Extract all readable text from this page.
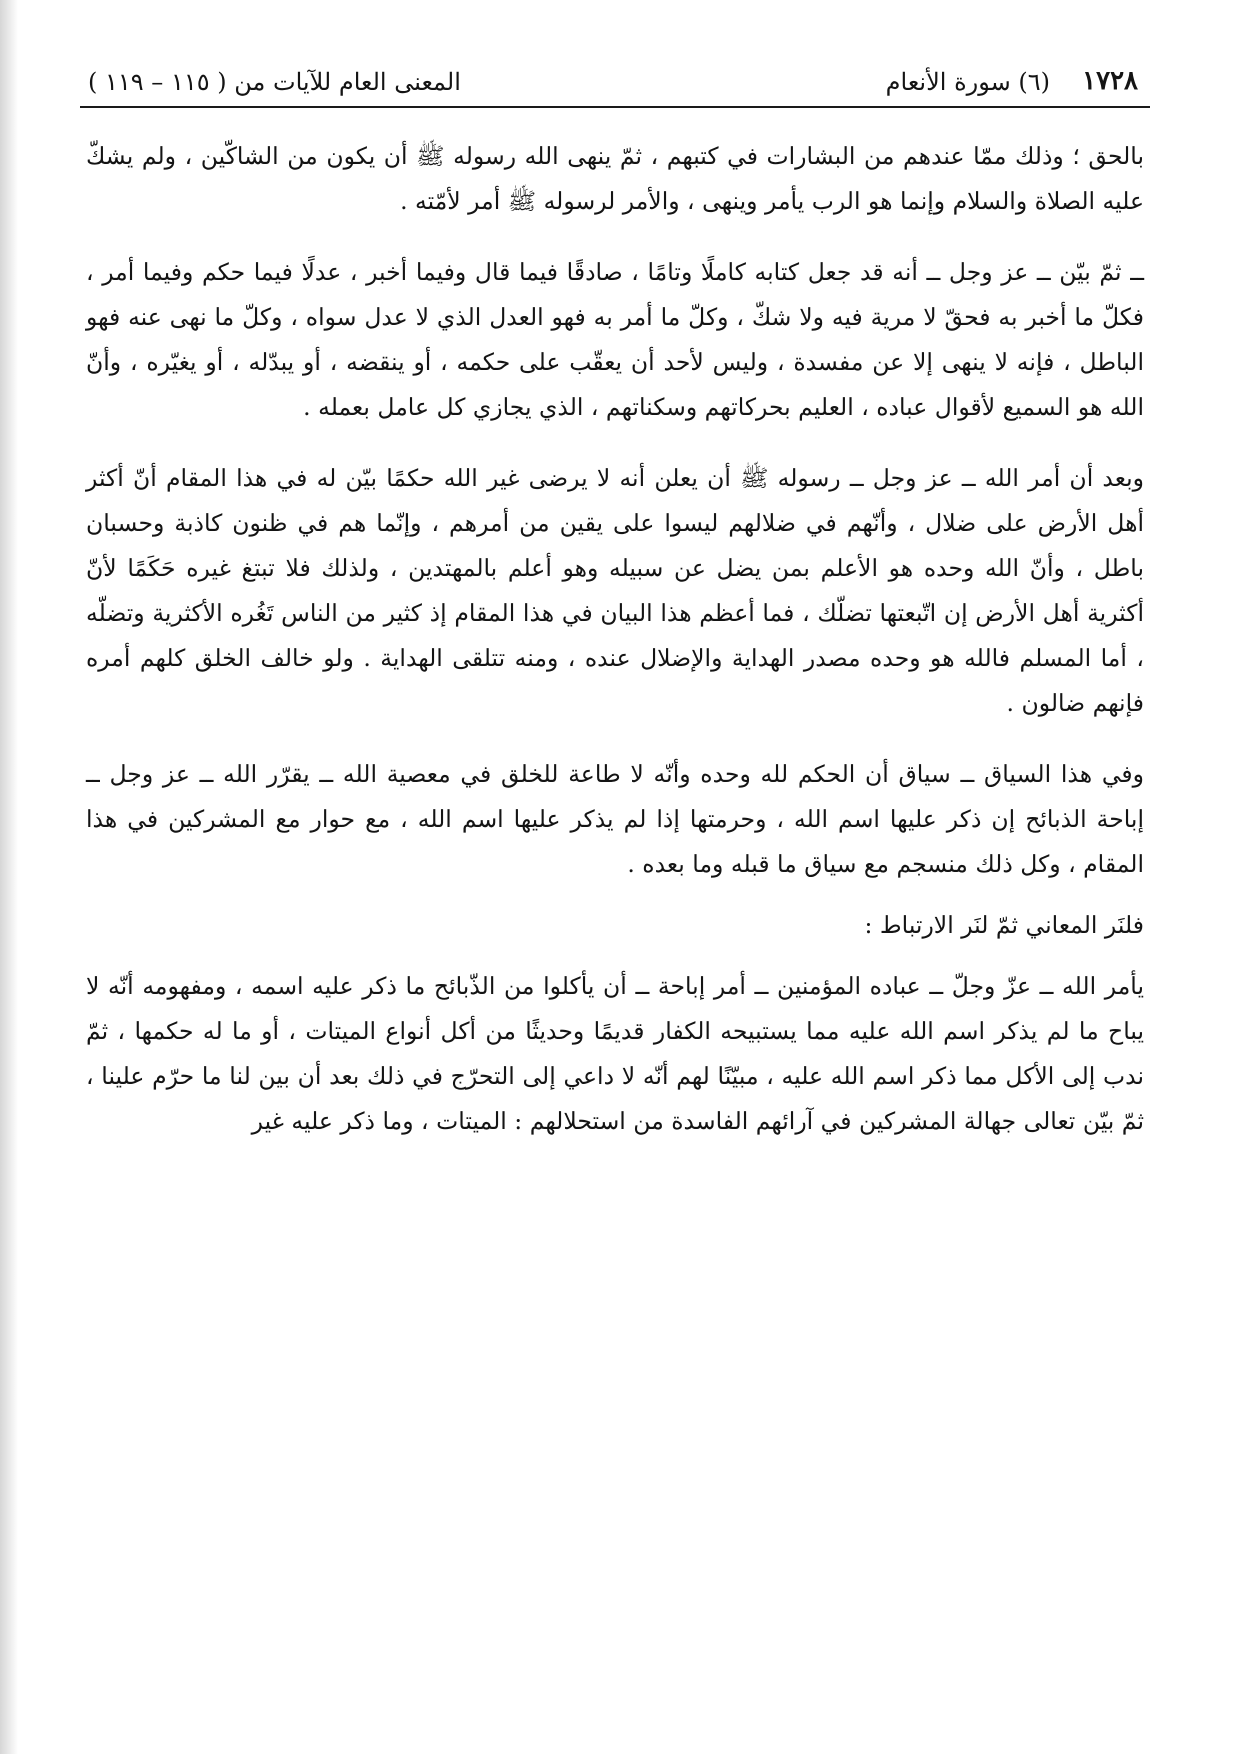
١٧٢٨
(٦) سورة الأنعام
المعنى العام للآيات من ( ١١٥ – ١١٩ )

بالحق ؛ وذلك ممّا عندهم من البشارات في كتبهم ، ثمّ ينهى الله رسوله ﷺ أن يكون من الشاكّين ، ولم يشكّ عليه الصلاة والسلام وإنما هو الرب يأمر وينهى ، والأمر لرسوله ﷺ أمر لأمّته .

ــ ثمّ بيّن ــ عز وجل ــ أنه قد جعل كتابه كاملًا وتامًا ، صادقًا فيما قال وفيما أخبر ، عدلًا فيما حكم وفيما أمر ، فكلّ ما أخبر به فحقّ لا مرية فيه ولا شكّ ، وكلّ ما أمر به فهو العدل الذي لا عدل سواه ، وكلّ ما نهى عنه فهو الباطل ، فإنه لا ينهى إلا عن مفسدة ، وليس لأحد أن يعقّب على حكمه ، أو ينقضه ، أو يبدّله ، أو يغيّره ، وأنّ الله هو السميع لأقوال عباده ، العليم بحركاتهم وسكناتهم ، الذي يجازي كل عامل بعمله .

وبعد أن أمر الله ــ عز وجل ــ رسوله ﷺ أن يعلن أنه لا يرضى غير الله حكمًا بيّن له في هذا المقام أنّ أكثر أهل الأرض على ضلال ، وأنّهم في ضلالهم ليسوا على يقين من أمرهم ، وإنّما هم في ظنون كاذبة وحسبان باطل ، وأنّ الله وحده هو الأعلم بمن يضل عن سبيله وهو أعلم بالمهتدين ، ولذلك فلا تبتغ غيره حَكَمًا لأنّ أكثرية أهل الأرض إن اتّبعتها تضلّك ، فما أعظم هذا البيان في هذا المقام إذ كثير من الناس تَغُره الأكثرية وتضلّه ، أما المسلم فالله هو وحده مصدر الهداية والإضلال عنده ، ومنه تتلقى الهداية . ولو خالف الخلق كلهم أمره فإنهم ضالون .

وفي هذا السياق ــ سياق أن الحكم لله وحده وأنّه لا طاعة للخلق في معصية الله ــ يقرّر الله ــ عز وجل ــ إباحة الذبائح إن ذكر عليها اسم الله ، وحرمتها إذا لم يذكر عليها اسم الله ، مع حوار مع المشركين في هذا المقام ، وكل ذلك منسجم مع سياق ما قبله وما بعده .

فلنَر المعاني ثمّ لنَر الارتباط :

يأمر الله ــ عزّ وجلّ ــ عباده المؤمنين ــ أمر إباحة ــ أن يأكلوا من الذّبائح ما ذكر عليه اسمه ، ومفهومه أنّه لا يباح ما لم يذكر اسم الله عليه مما يستبيحه الكفار قديمًا وحديثًا من أكل أنواع الميتات ، أو ما له حكمها ، ثمّ ندب إلى الأكل مما ذكر اسم الله عليه ، مبيّنًا لهم أنّه لا داعي إلى التحرّج في ذلك بعد أن بين لنا ما حرّم علينا ، ثمّ بيّن تعالى جهالة المشركين في آرائهم الفاسدة من استحلالهم : الميتات ، وما ذكر عليه غير
